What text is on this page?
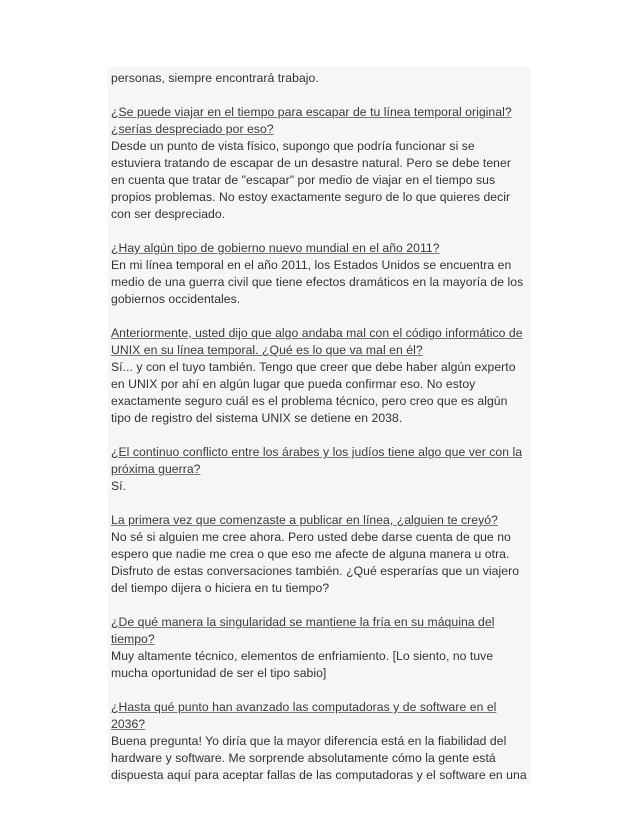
personas, siempre encontrará trabajo.

¿Se puede viajar en el tiempo para escapar de tu línea temporal original? ¿serías despreciado por eso?
Desde un punto de vista físico, supongo que podría funcionar si se estuviera tratando de escapar de un desastre natural. Pero se debe tener en cuenta que tratar de "escapar" por medio de viajar en el tiempo sus propios problemas. No estoy exactamente seguro de lo que quieres decir con ser despreciado.
¿Hay algún tipo de gobierno nuevo mundial en el año 2011?
En mi línea temporal en el año 2011, los Estados Unidos se encuentra en medio de una guerra civil que tiene efectos dramáticos en la mayoría de los gobiernos occidentales.
Anteriormente, usted dijo que algo andaba mal con el código informático de UNIX en su línea temporal. ¿Qué es lo que va mal en él?
Sí... y con el tuyo también. Tengo que creer que debe haber algún experto en UNIX por ahí en algún lugar que pueda confirmar eso. No estoy exactamente seguro cuál es el problema técnico, pero creo que es algún tipo de registro del sistema UNIX se detiene en 2038.
¿El continuo conflicto entre los árabes y los judíos tiene algo que ver con la próxima guerra?
Sí.
La primera vez que comenzaste a publicar en línea, ¿alguien te creyó?
No sé si alguien me cree ahora. Pero usted debe darse cuenta de que no espero que nadie me crea o que eso me afecte de alguna manera u otra. Disfruto de estas conversaciones también. ¿Qué esperarías que un viajero del tiempo dijera o hiciera en tu tiempo?
¿De qué manera la singularidad se mantiene la fría en su máquina del tiempo?
Muy altamente técnico, elementos de enfriamiento. [Lo siento, no tuve mucha oportunidad de ser el tipo sabio]
¿Hasta qué punto han avanzado las computadoras y de software en el 2036?
Buena pregunta! Yo diría que la mayor diferencia está en la fiabilidad del hardware y software. Me sorprende absolutamente cómo la gente está dispuesta aquí para aceptar fallas de las computadoras y el software en una
